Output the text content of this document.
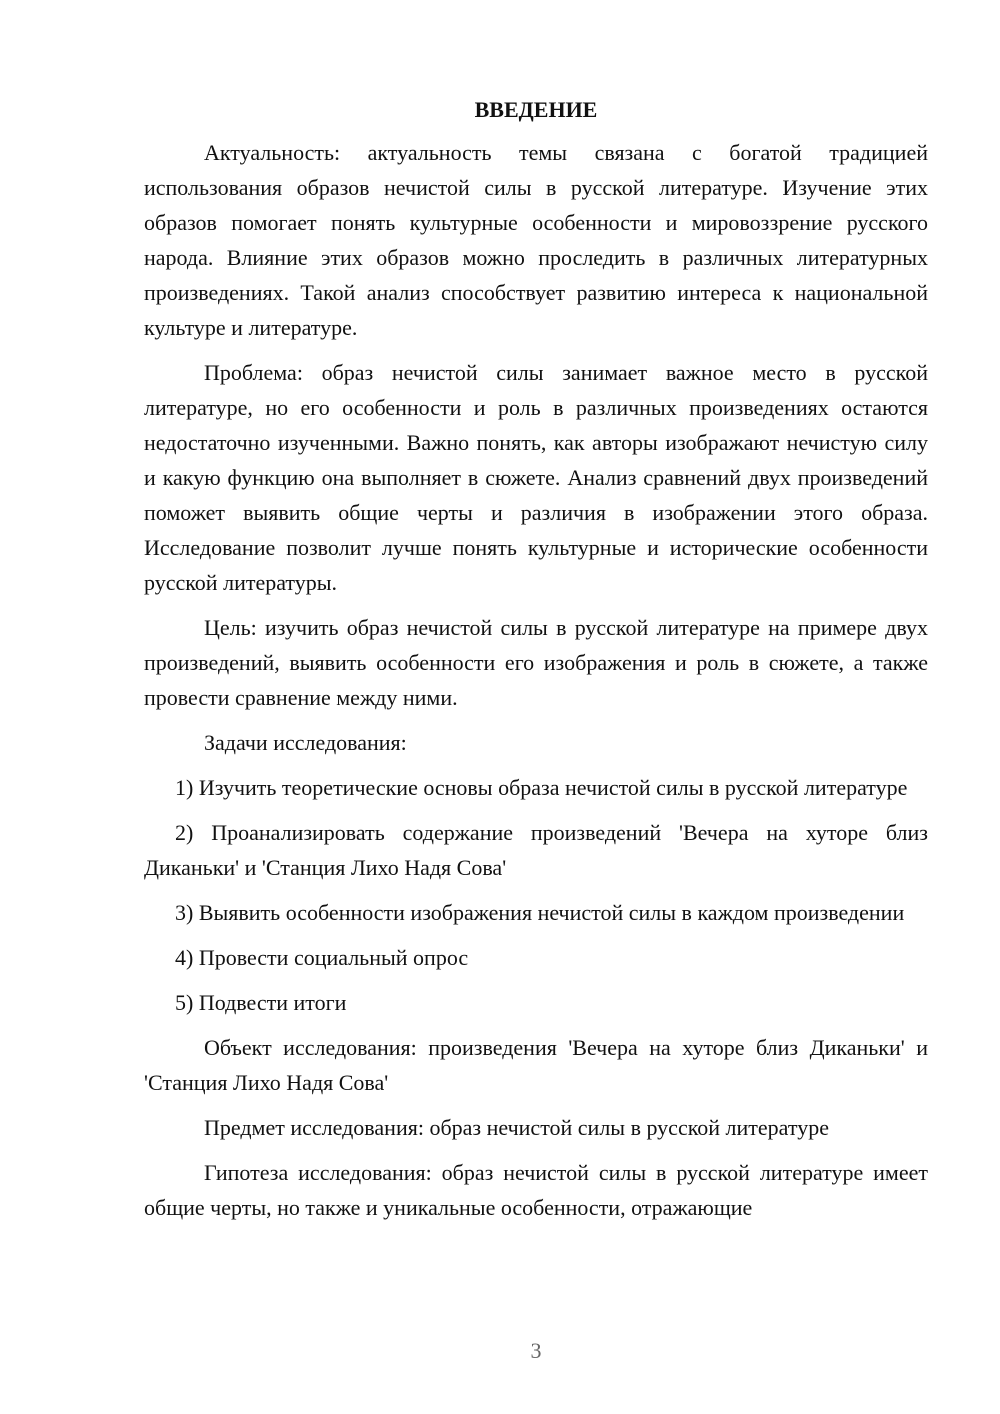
ВВЕДЕНИЕ

Актуальность: актуальность темы связана с богатой традицией использования образов нечистой силы в русской литературе. Изучение этих образов помогает понять культурные особенности и мировоззрение русского народа. Влияние этих образов можно проследить в различных литературных произведениях. Такой анализ способствует развитию интереса к национальной культуре и литературе.

Проблема: образ нечистой силы занимает важное место в русской литературе, но его особенности и роль в различных произведениях остаются недостаточно изученными. Важно понять, как авторы изображают нечистую силу и какую функцию она выполняет в сюжете. Анализ сравнений двух произведений поможет выявить общие черты и различия в изображении этого образа. Исследование позволит лучше понять культурные и исторические особенности русской литературы.

Цель: изучить образ нечистой силы в русской литературе на примере двух произведений, выявить особенности его изображения и роль в сюжете, а также провести сравнение между ними.

Задачи исследования:

1) Изучить теоретические основы образа нечистой силы в русской литературе

2) Проанализировать содержание произведений 'Вечера на хуторе близ Диканьки' и 'Станция Лихо Надя Сова'

3) Выявить особенности изображения нечистой силы в каждом произведении

4) Провести социальный опрос

5) Подвести итоги

Объект исследования: произведения 'Вечера на хуторе близ Диканьки' и 'Станция Лихо Надя Сова'

Предмет исследования: образ нечистой силы в русской литературе

Гипотеза исследования: образ нечистой силы в русской литературе имеет общие черты, но также и уникальные особенности, отражающие

3
